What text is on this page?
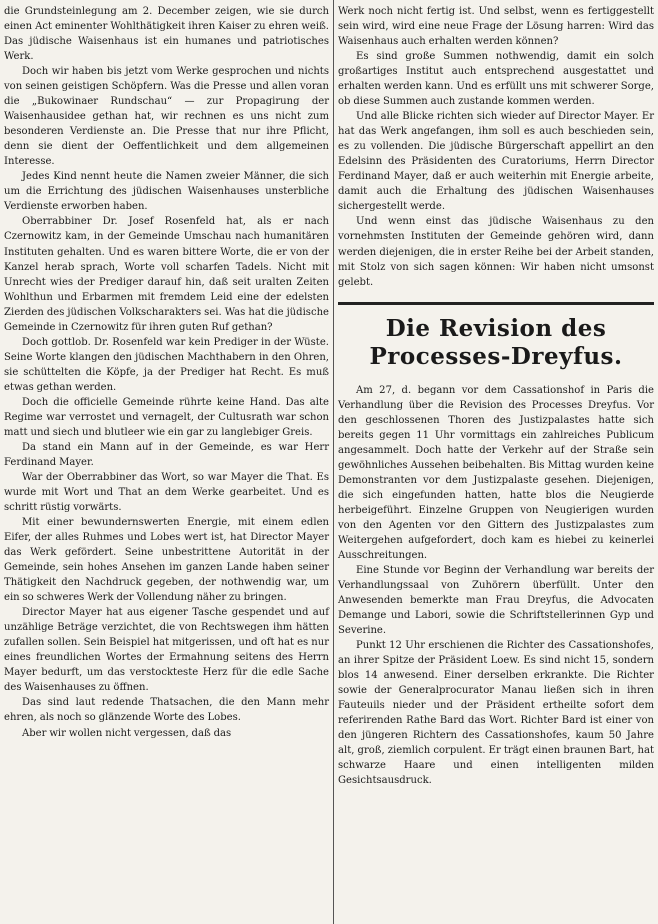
die Grundsteinlegung am 2. December zeigen, wie sie durch einen Act eminenter Wohlthätigkeit ihren Kaiser zu ehren weiß. Das jüdische Waisenhaus ist ein humanes und patriotisches Werk.

Doch wir haben bis jetzt vom Werke gesprochen und nichts von seinen geistigen Schöpfern. Was die Presse und allen voran die „Bukowinaer Rundschau“ — zur Propagirung der Waisenhausidee gethan hat, wir rechnen es uns nicht zum besonderen Verdienste an. Die Presse that nur ihre Pflicht, denn sie dient der Oeffentlichkeit und dem allgemeinen Interesse.

Jedes Kind nennt heute die Namen zweier Männer, die sich um die Errichtung des jüdischen Waisenhauses unsterbliche Verdienste erworben haben.

Oberrabbiner Dr. Josef Rosenfeld hat, als er nach Czernowitz kam, in der Gemeinde Umschau nach humanitären Instituten gehalten. Und es waren bittere Worte, die er von der Kanzel herab sprach, Worte voll scharfen Tadels. Nicht mit Unrecht wies der Prediger darauf hin, daß seit uralten Zeiten Wohlthun und Erbarmen mit fremdem Leid eine der edelsten Zierden des jüdischen Volkscharakters sei. Was hat die jüdische Gemeinde in Czernowitz für ihren guten Ruf gethan?

Doch gottlob. Dr. Rosenfeld war kein Prediger in der Wüste. Seine Worte klangen den jüdischen Machthabern in den Ohren, sie schüttelten die Köpfe, ja der Prediger hat Recht. Es muß etwas gethan werden.

Doch die officielle Gemeinde rührte keine Hand. Das alte Regime war verrostet und vernagelt, der Cultusrath war schon matt und siech und blutleer wie ein gar zu langlebiger Greis.

Da stand ein Mann auf in der Gemeinde, es war Herr Ferdinand Mayer.

War der Oberrabbiner das Wort, so war Mayer die That. Es wurde mit Wort und That an dem Werke gearbeitet. Und es schritt rüstig vorwärts.

Mit einer bewundernswerten Energie, mit einem edlen Eifer, der alles Ruhmes und Lobes wert ist, hat Director Mayer das Werk gefördert. Seine unbestrittene Autorität in der Gemeinde, sein hohes Ansehen im ganzen Lande haben seiner Thätigkeit den Nachdruck gegeben, der nothwendig war, um ein so schweres Werk der Vollendung näher zu bringen.

Director Mayer hat aus eigener Tasche gespendet und auf unzählige Beträge verzichtet, die von Rechtswegen ihm hätten zufallen sollen. Sein Beispiel hat mitgerissen, und oft hat es nur eines freundlichen Wortes der Ermahnung seitens des Herrn Mayer bedurft, um das verstockteste Herz für die edle Sache des Waisenhauses zu öffnen.

Das sind laut redende Thatsachen, die den Mann mehr ehren, als noch so glänzende Worte des Lobes.

Aber wir wollen nicht vergessen, daß das

Werk noch nicht fertig ist. Und selbst, wenn es fertiggestellt sein wird, wird eine neue Frage der Lösung harren: Wird das Waisenhaus auch erhalten werden können?

Es sind große Summen nothwendig, damit ein solch großartiges Institut auch entsprechend ausgestattet und erhalten werden kann. Und es erfüllt uns mit schwerer Sorge, ob diese Summen auch zustande kommen werden.

Und alle Blicke richten sich wieder auf Director Mayer. Er hat das Werk angefangen, ihm soll es auch beschieden sein, es zu vollenden. Die jüdische Bürgerschaft appellirt an den Edelsinn des Präsidenten des Curatoriums, Herrn Director Ferdinand Mayer, daß er auch weiterhin mit Energie arbeite, damit auch die Erhaltung des jüdischen Waisenhauses sichergestellt werde.

Und wenn einst das jüdische Waisenhaus zu den vornehmsten Instituten der Gemeinde gehören wird, dann werden diejenigen, die in erster Reihe bei der Arbeit standen, mit Stolz von sich sagen können: Wir haben nicht umsonst gelebt.

Die Revision des Processes-Dreyfus.

Am 27, d. begann vor dem Cassationshof in Paris die Verhandlung über die Revision des Processes Dreyfus. Vor den geschlossenen Thoren des Justizpalastes hatte sich bereits gegen 11 Uhr vormittags ein zahlreiches Publicum angesammelt. Doch hatte der Verkehr auf der Straße sein gewöhnliches Aussehen beibehalten. Bis Mittag wurden keine Demonstranten vor dem Justizpalaste gesehen. Diejenigen, die sich eingefunden hatten, hatte blos die Neugierde herbeigeführt. Einzelne Gruppen von Neugierigen wurden von den Agenten vor den Gittern des Justizpalastes zum Weitergehen aufgefordert, doch kam es hiebei zu keinerlei Ausschreitungen.

Eine Stunde vor Beginn der Verhandlung war bereits der Verhandlungssaal von Zuhörern überfüllt. Unter den Anwesenden bemerkte man Frau Dreyfus, die Advocaten Demange und Labori, sowie die Schriftstellerinnen Gyp und Severine.

Punkt 12 Uhr erschienen die Richter des Cassationshofes, an ihrer Spitze der Präsident Loew. Es sind nicht 15, sondern blos 14 anwesend. Einer derselben erkrankte. Die Richter sowie der Generalprocurator Manau ließen sich in ihren Fauteuils nieder und der Präsident ertheilte sofort dem referirenden Rathe Bard das Wort. Richter Bard ist einer von den jüngeren Richtern des Cassationshofes, kaum 50 Jahre alt, groß, ziemlich corpulent. Er trägt einen braunen Bart, hat schwarze Haare und einen intelligenten milden Gesichtsausdruck.
